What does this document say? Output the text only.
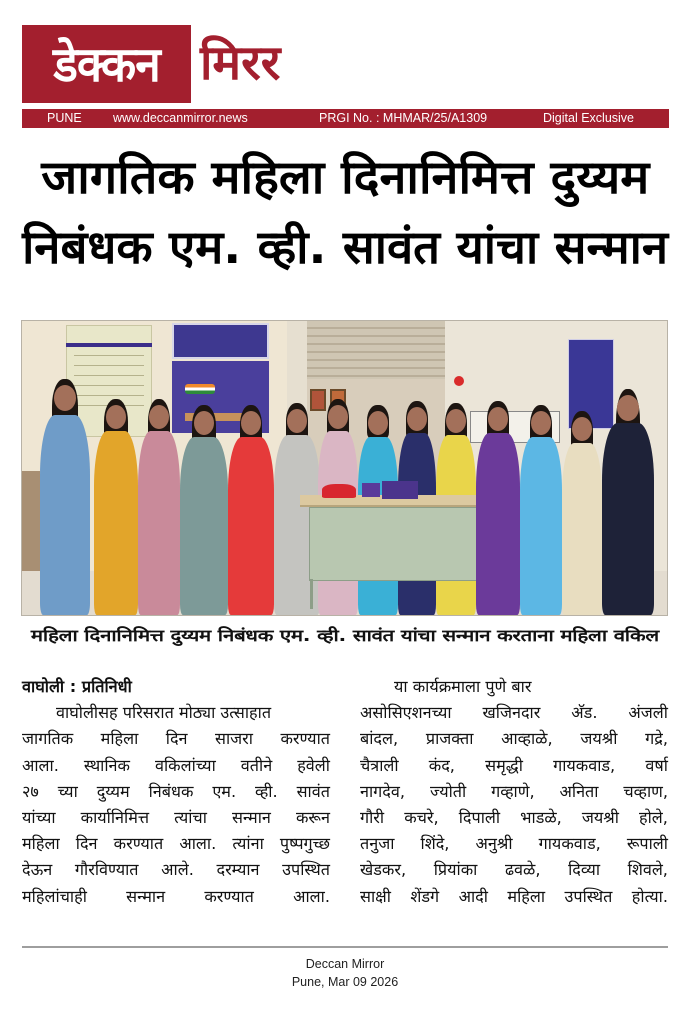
डेक्कन मिरर
PUNE	www.deccanmirror.news	PRGI No. : MHMAR/25/A1309	Digital Exclusive
जागतिक महिला दिनानिमित्त दुय्यम
निबंधक एम. व्ही. सावंत यांचा सन्मान
महिला दिनानिमित्त दुय्यम निबंधक एम. व्ही. सावंत यांचा सन्मान करताना महिला वकिल
वाघोली : प्रतिनिधी
वाघोलीसह परिसरात मोठ्या उत्साहात
जागतिक महिला दिन साजरा करण्यात
आला. स्थानिक वकिलांच्या वतीने हवेली
२७ च्या दुय्यम निबंधक एम. व्ही. सावंत
यांच्या कार्यानिमित्त त्यांचा सन्मान करून
महिला दिन करण्यात आला. त्यांना पुष्पगुच्छ
देऊन गौरविण्यात आले. दरम्यान उपस्थित
महिलांचाही सन्मान करण्यात आला.
या कार्यक्रमाला पुणे बार
असोसिएशनच्या खजिनदार अ‍ॅड. अंजली
बांदल, प्राजक्ता आव्हाळे, जयश्री गद्रे,
चैत्राली कंद, समृद्धी गायकवाड, वर्षा
नागदेव, ज्योती गव्हाणे, अनिता चव्हाण,
गौरी कचरे, दिपाली भाडळे, जयश्री होले,
तनुजा शिंदे, अनुश्री गायकवाड, रूपाली
खेडकर, प्रियांका ढवळे, दिव्या शिवले,
साक्षी शेंडगे आदी महिला उपस्थित होत्या.
Deccan Mirror
Pune, Mar 09 2026
